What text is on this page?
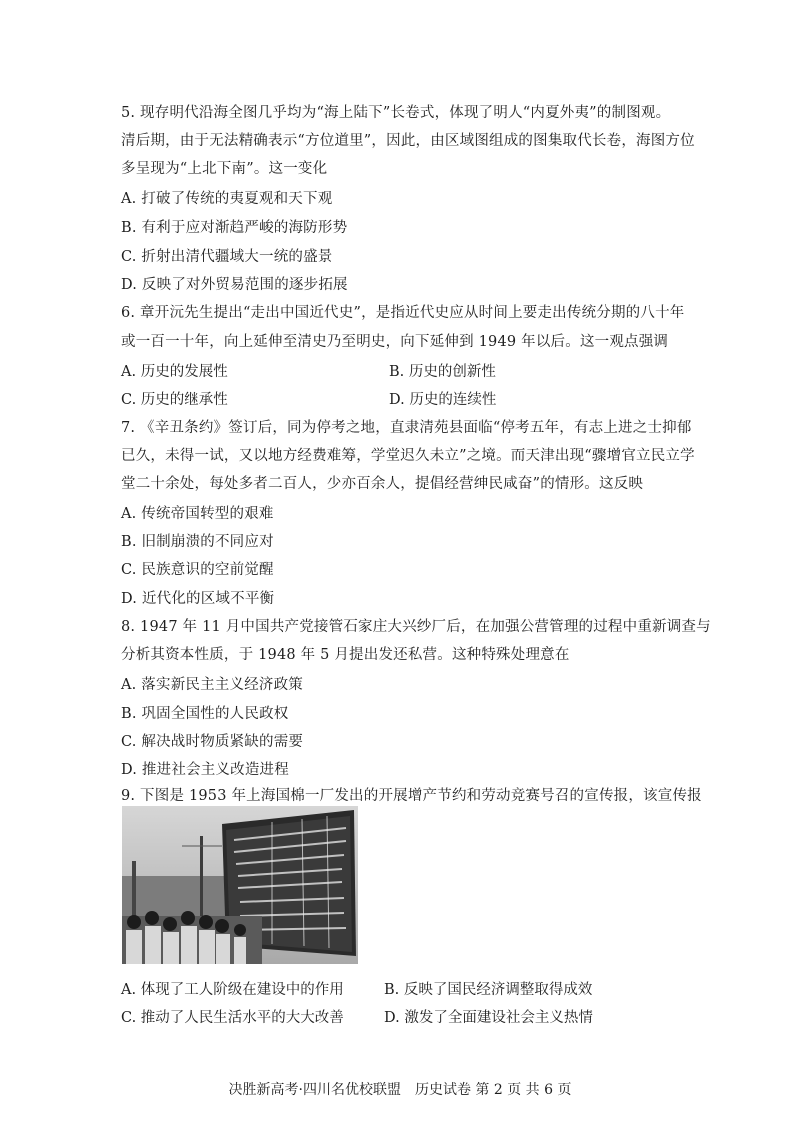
5. 现存明代沿海全图几乎均为“海上陆下”长卷式，体现了明人“内夏外夷”的制图观。
清后期，由于无法精确表示“方位道里”，因此，由区域图组成的图集取代长卷，海图方位
多呈现为“上北下南”。这一变化
A. 打破了传统的夷夏观和天下观
B. 有利于应对渐趋严峻的海防形势
C. 折射出清代疆域大一统的盛景
D. 反映了对外贸易范围的逐步拓展
6. 章开沅先生提出“走出中国近代史”，是指近代史应从时间上要走出传统分期的八十年
或一百一十年，向上延伸至清史乃至明史，向下延伸到 1949 年以后。这一观点强调
A. 历史的发展性	B. 历史的创新性
C. 历史的继承性	D. 历史的连续性
7. 《辛丑条约》签订后，同为停考之地，直隶清苑县面临“停考五年，有志上进之士抑郁
已久，未得一试，又以地方经费难筹，学堂迟久未立”之境。而天津出现“骤增官立民立学
堂二十余处，每处多者二百人，少亦百余人，提倡经营绅民咸奋”的情形。这反映
A. 传统帝国转型的艰难
B. 旧制崩溃的不同应对
C. 民族意识的空前觉醒
D. 近代化的区域不平衡
8. 1947 年 11 月中国共产党接管石家庄大兴纱厂后，在加强公营管理的过程中重新调查与
分析其资本性质，于 1948 年 5 月提出发还私营。这种特殊处理意在
A. 落实新民主主义经济政策
B. 巩固全国性的人民政权
C. 解决战时物质紧缺的需要
D. 推进社会主义改造进程
9. 下图是 1953 年上海国棉一厂发出的开展增产节约和劳动竞赛号召的宣传报，该宣传报
A. 体现了工人阶级在建设中的作用	B. 反映了国民经济调整取得成效
C. 推动了人民生活水平的大大改善	D. 激发了全面建设社会主义热情
决胜新高考·四川名优校联盟　历史试卷 第 2 页 共 6 页
